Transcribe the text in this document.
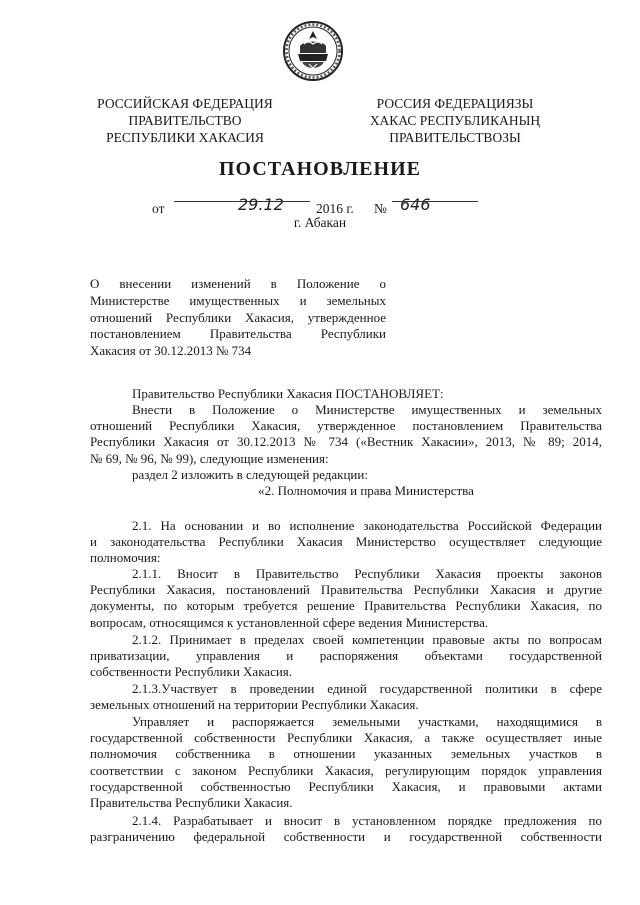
РОССИЙСКАЯ ФЕДЕРАЦИЯ
ПРАВИТЕЛЬСТВО
РЕСПУБЛИКИ ХАКАСИЯ
РОССИЯ ФЕДЕРАЦИЯЗЫ
ХАКАС РЕСПУБЛИКАНЫҢ
ПРАВИТЕЛЬСТВОЗЫ
ПОСТАНОВЛЕНИЕ
от	29.12 2016 г. № 646
г. Абакан
О внесении изменений в Положение о
Министерстве имущественных и земельных
отношений Республики Хакасия, утвержденное
постановлением Правительства Республики
Хакасия от 30.12.2013 № 734
Правительство Республики Хакасия ПОСТАНОВЛЯЕТ:
Внести в Положение о Министерстве имущественных и земельных
отношений Республики Хакасия, утвержденное постановлением Правительства
Республики Хакасия от 30.12.2013 № 734 («Вестник Хакасии», 2013, № 89; 2014,
№ 69, № 96, № 99), следующие изменения:
раздел 2 изложить в следующей редакции:
«2. Полномочия и права Министерства
2.1. На основании и во исполнение законодательства Российской Федерации
и законодательства Республики Хакасия Министерство осуществляет следующие
полномочия:
2.1.1. Вносит в Правительство Республики Хакасия проекты законов
Республики Хакасия, постановлений Правительства Республики Хакасия и другие
документы, по которым требуется решение Правительства Республики Хакасия, по
вопросам, относящимся к установленной сфере ведения Министерства.
2.1.2. Принимает в пределах своей компетенции правовые акты по вопросам
приватизации, управления и распоряжения объектами государственной
собственности Республики Хакасия.
2.1.3.Участвует в проведении единой государственной политики в сфере
земельных отношений на территории Республики Хакасия.
Управляет и распоряжается земельными участками, находящимися в
государственной собственности Республики Хакасия, а также осуществляет иные
полномочия собственника в отношении указанных земельных участков в
соответствии с законом Республики Хакасия, регулирующим порядок управления
государственной собственностью Республики Хакасия, и правовыми актами
Правительства Республики Хакасия.
2.1.4. Разрабатывает и вносит в установленном порядке предложения по
разграничению федеральной собственности и государственной собственности
